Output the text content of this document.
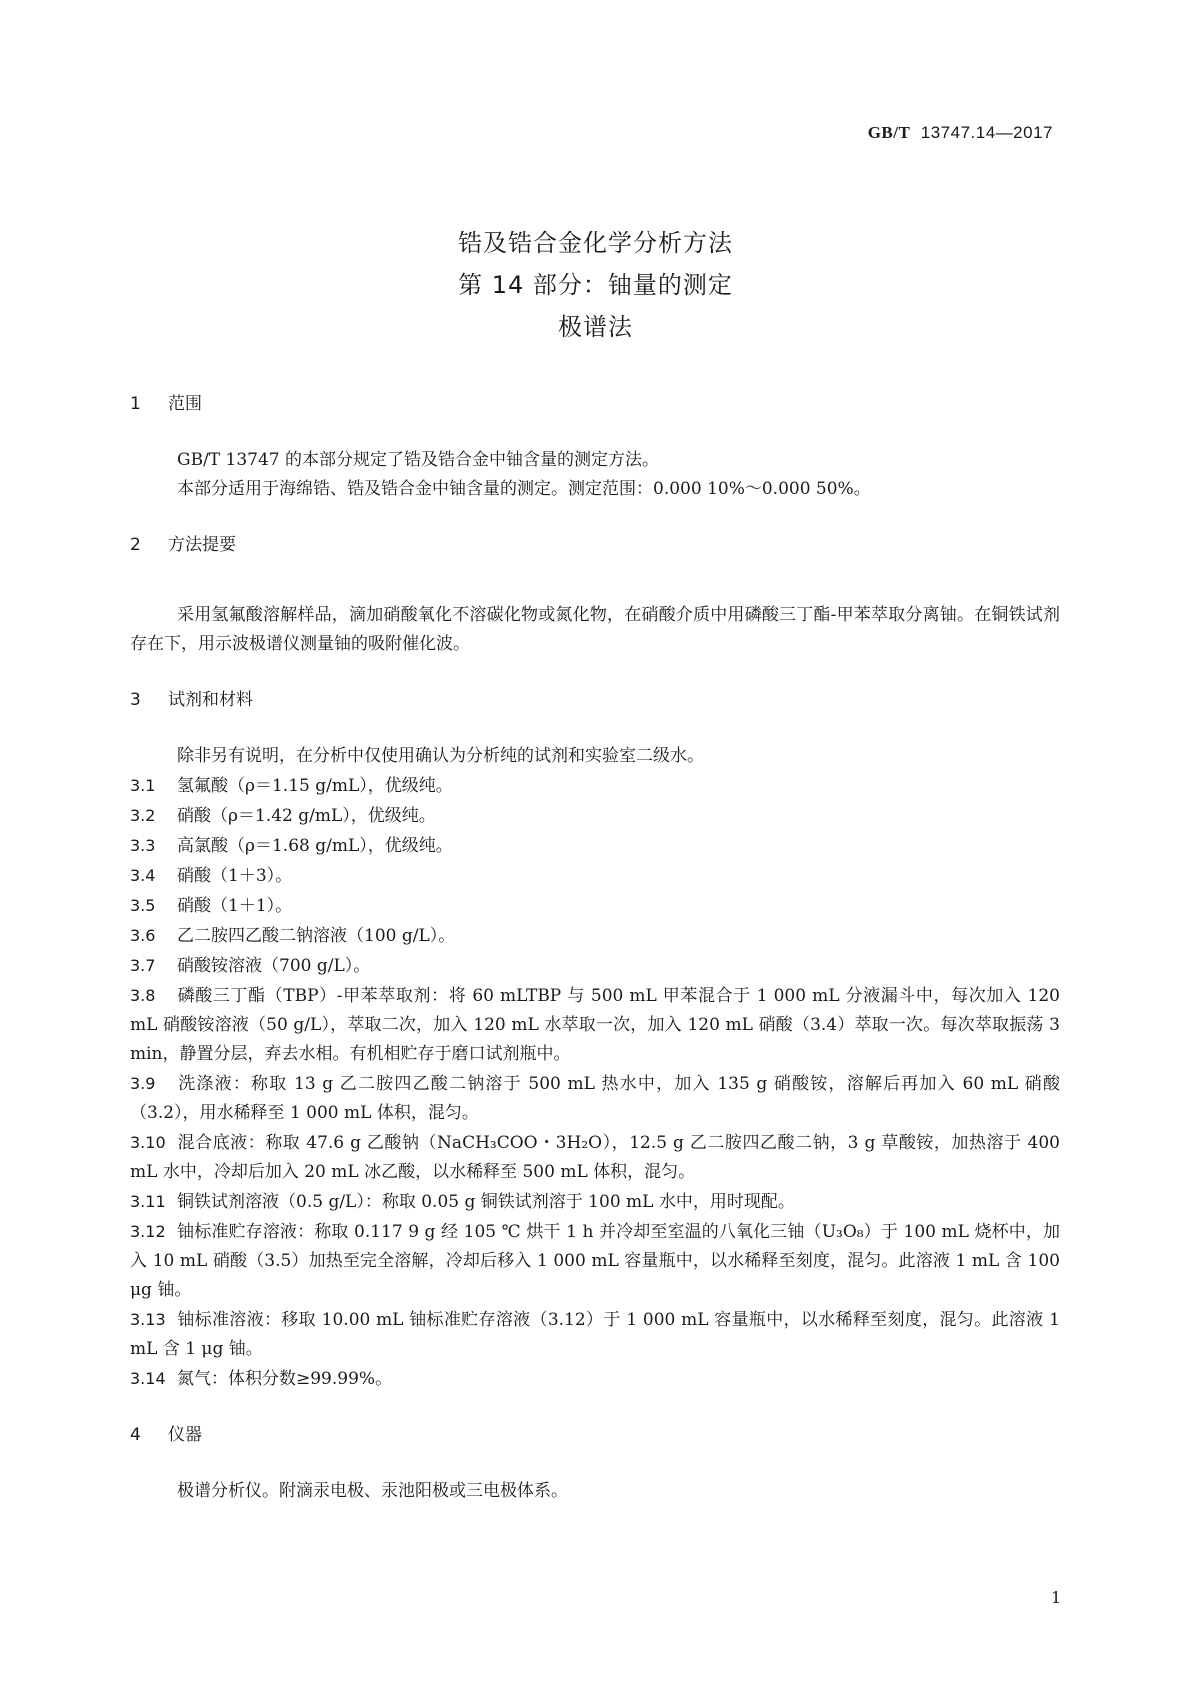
GB/T 13747.14—2017
锆及锆合金化学分析方法
第 14 部分：铀量的测定
极谱法
1 范围
GB/T 13747 的本部分规定了锆及锆合金中铀含量的测定方法。
本部分适用于海绵锆、锆及锆合金中铀含量的测定。测定范围：0.000 10%～0.000 50%。
2 方法提要
采用氢氟酸溶解样品，滴加硝酸氧化不溶碳化物或氮化物，在硝酸介质中用磷酸三丁酯-甲苯萃取分离铀。在铜铁试剂存在下，用示波极谱仪测量铀的吸附催化波。
3 试剂和材料
除非另有说明，在分析中仅使用确认为分析纯的试剂和实验室二级水。
3.1 氢氟酸（ρ＝1.15 g/mL），优级纯。
3.2 硝酸（ρ＝1.42 g/mL），优级纯。
3.3 高氯酸（ρ＝1.68 g/mL），优级纯。
3.4 硝酸（1＋3）。
3.5 硝酸（1＋1）。
3.6 乙二胺四乙酸二钠溶液（100 g/L）。
3.7 硝酸铵溶液（700 g/L）。
3.8 磷酸三丁酯（TBP）-甲苯萃取剂：将 60 mLTBP 与 500 mL 甲苯混合于 1 000 mL 分液漏斗中，每次加入 120 mL 硝酸铵溶液（50 g/L），萃取二次，加入 120 mL 水萃取一次，加入 120 mL 硝酸（3.4）萃取一次。每次萃取振荡 3 min，静置分层，弃去水相。有机相贮存于磨口试剂瓶中。
3.9 洗涤液：称取 13 g 乙二胺四乙酸二钠溶于 500 mL 热水中，加入 135 g 硝酸铵，溶解后再加入 60 mL 硝酸（3.2），用水稀释至 1 000 mL 体积，混匀。
3.10 混合底液：称取 47.6 g 乙酸钠（NaCH₃COO・3H₂O），12.5 g 乙二胺四乙酸二钠，3 g 草酸铵，加热溶于 400 mL 水中，冷却后加入 20 mL 冰乙酸，以水稀释至 500 mL 体积，混匀。
3.11 铜铁试剂溶液（0.5 g/L）：称取 0.05 g 铜铁试剂溶于 100 mL 水中，用时现配。
3.12 铀标准贮存溶液：称取 0.117 9 g 经 105 ℃ 烘干 1 h 并冷却至室温的八氧化三铀（U₃O₈）于 100 mL 烧杯中，加入 10 mL 硝酸（3.5）加热至完全溶解，冷却后移入 1 000 mL 容量瓶中，以水稀释至刻度，混匀。此溶液 1 mL 含 100 μg 铀。
3.13 铀标准溶液：移取 10.00 mL 铀标准贮存溶液（3.12）于 1 000 mL 容量瓶中，以水稀释至刻度，混匀。此溶液 1 mL 含 1 μg 铀。
3.14 氮气：体积分数≥99.99%。
4 仪器
极谱分析仪。附滴汞电极、汞池阳极或三电极体系。
1
